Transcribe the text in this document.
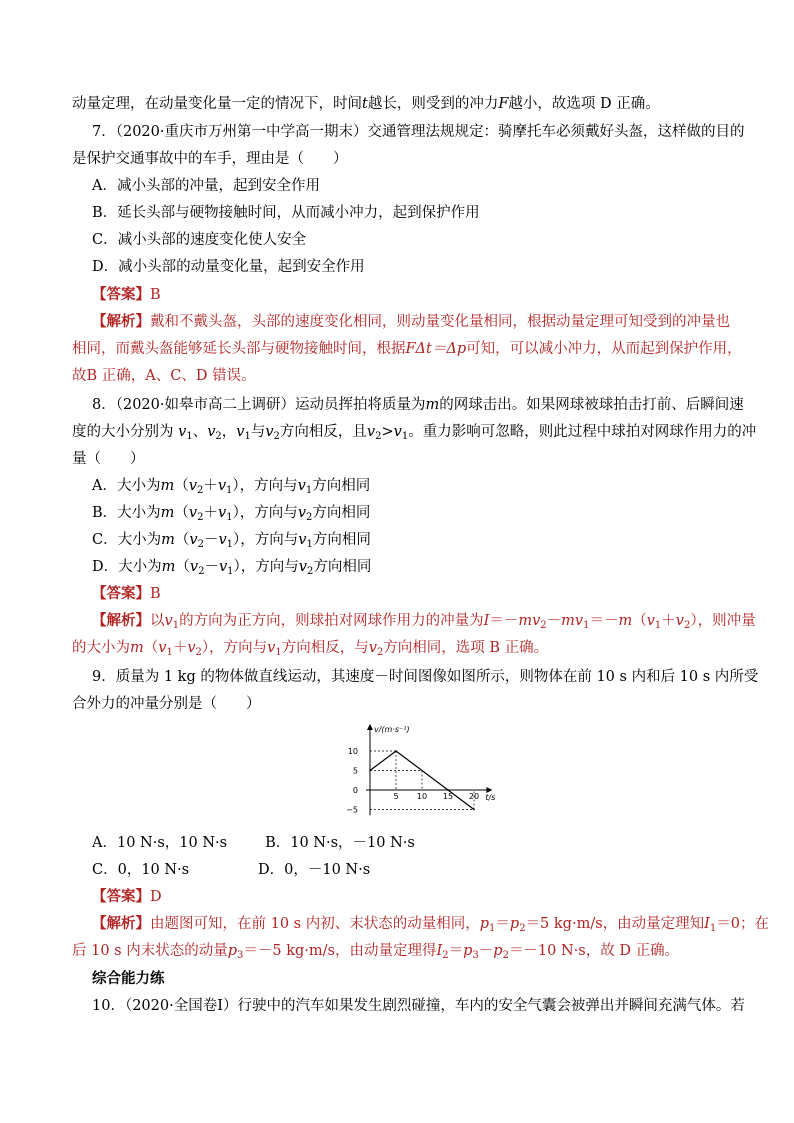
动量定理，在动量变化量一定的情况下，时间t越长，则受到的冲力F越小，故选项 D 正确。
7．（2020·重庆市万州第一中学高一期末）交通管理法规规定：骑摩托车必须戴好头盔，这样做的目的
是保护交通事故中的车手，理由是（　　）
A．减小头部的冲量，起到安全作用
B．延长头部与硬物接触时间，从而减小冲力，起到保护作用
C．减小头部的速度变化使人安全
D．减小头部的动量变化量，起到安全作用
【答案】B
【解析】戴和不戴头盔，头部的速度变化相同，则动量变化量相同，根据动量定理可知受到的冲量也
相同，而戴头盔能够延长头部与硬物接触时间，根据FΔt＝Δp可知，可以减小冲力，从而起到保护作用，
故B 正确，A、C、D 错误。
8．（2020·如皋市高二上调研）运动员挥拍将质量为m的网球击出。如果网球被球拍击打前、后瞬间速
度的大小分别为 $v_1$、$v_2$，$v_1$与$v_2$方向相反，且$v_2>v_1$。重力影响可忽略，则此过程中球拍对网球作用力的冲
量（　　）
A．大小为$m(v_2+v_1)$，方向与$v_1$方向相同
B．大小为$m(v_2+v_1)$，方向与$v_2$方向相同
C．大小为$m(v_2-v_1)$，方向与$v_1$方向相同
D．大小为$m(v_2-v_1)$，方向与$v_2$方向相同
【答案】B
【解析】以$v_1$的方向为正方向，则球拍对网球作用力的冲量为$I=-mv_2-mv_1=-m(v_1+v_2)$，则冲量
的大小为$m(v_1+v_2)$，方向与$v_1$方向相反，与$v_2$方向相同，选项 B 正确。
9．质量为 1 kg 的物体做直线运动，其速度－时间图像如图所示，则物体在前 10 s 内和后 10 s 内所受
合外力的冲量分别是（　　）
v/(m·s⁻¹)
t/s
10
5
0
−5
5 10 15 20
A．10 N·s，10 N·s	B．10 N·s，－10 N·s
C．0，10 N·s	D．0，－10 N·s
【答案】D
【解析】由题图可知，在前 10 s 内初、末状态的动量相同，$p_1=p_2=5$ kg·m/s，由动量定理知$I_1=0$；在
后 10 s 内末状态的动量$p_3=-5$ kg·m/s，由动量定理得$I_2=p_3-p_2=-10$ N·s，故 D 正确。
综合能力练
10．（2020·全国卷Ⅰ）行驶中的汽车如果发生剧烈碰撞，车内的安全气囊会被弹出并瞬间充满气体。若
